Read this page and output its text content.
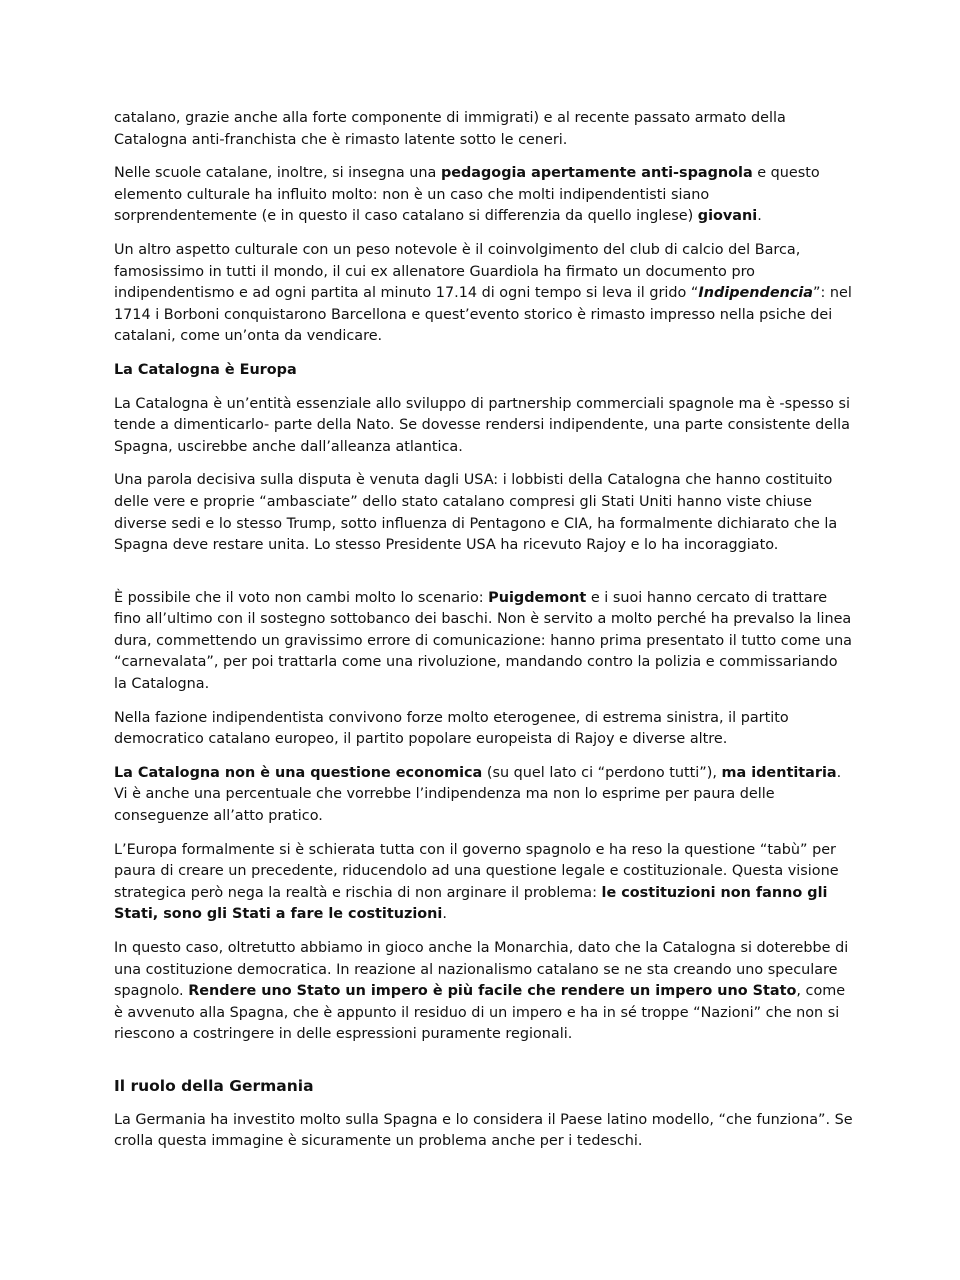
catalano, grazie anche alla forte componente di immigrati) e al recente passato armato della Catalogna anti-franchista che è rimasto latente sotto le ceneri.
Nelle scuole catalane, inoltre, si insegna una pedagogia apertamente anti-spagnola e questo elemento culturale ha influito molto: non è un caso che molti indipendentisti siano sorprendentemente (e in questo il caso catalano si differenzia da quello inglese) giovani.
Un altro aspetto culturale con un peso notevole è il coinvolgimento del club di calcio del Barca, famosissimo in tutti il mondo, il cui ex allenatore Guardiola ha firmato un documento pro indipendentismo e ad ogni partita al minuto 17.14 di ogni tempo si leva il grido “Indipendencia”: nel 1714 i Borboni conquistarono Barcellona e quest’evento storico è rimasto impresso nella psiche dei catalani, come un’onta da vendicare.
La Catalogna è Europa
La Catalogna è un’entità essenziale allo sviluppo di partnership commerciali spagnole ma è -spesso si tende a dimenticarlo- parte della Nato. Se dovesse rendersi indipendente, una parte consistente della Spagna, uscirebbe anche dall’alleanza atlantica.
Una parola decisiva sulla disputa è venuta dagli USA: i lobbisti della Catalogna che hanno costituito delle vere e proprie “ambasciate” dello stato catalano compresi gli Stati Uniti hanno viste chiuse diverse sedi e lo stesso Trump, sotto influenza di Pentagono e CIA, ha formalmente dichiarato che la Spagna deve restare unita. Lo stesso Presidente USA ha ricevuto Rajoy e lo ha incoraggiato.
È possibile che il voto non cambi molto lo scenario: Puigdemont e i suoi hanno cercato di trattare fino all’ultimo con il sostegno sottobanco dei baschi. Non è servito a molto perché ha prevalso la linea dura, commettendo un gravissimo errore di comunicazione: hanno prima presentato il tutto come una “carnevalata”, per poi trattarla come una rivoluzione, mandando contro la polizia e commissariando la Catalogna.
Nella fazione indipendentista convivono forze molto eterogenee, di estrema sinistra, il partito democratico catalano europeo, il partito popolare europeista di Rajoy e diverse altre.
La Catalogna non è una questione economica (su quel lato ci “perdono tutti”), ma identitaria. Vi è anche una percentuale che vorrebbe l’indipendenza ma non lo esprime per paura delle conseguenze all’atto pratico.
L’Europa formalmente si è schierata tutta con il governo spagnolo e ha reso la questione “tabù” per paura di creare un precedente, riducendolo ad una questione legale e costituzionale. Questa visione strategica però nega la realtà e rischia di non arginare il problema: le costituzioni non fanno gli Stati, sono gli Stati a fare le costituzioni.
In questo caso, oltretutto abbiamo in gioco anche la Monarchia, dato che la Catalogna si doterebbe di una costituzione democratica. In reazione al nazionalismo catalano se ne sta creando uno speculare spagnolo. Rendere uno Stato un impero è più facile che rendere un impero uno Stato, come è avvenuto alla Spagna, che è appunto il residuo di un impero e ha in sé troppe “Nazioni” che non si riescono a costringere in delle espressioni puramente regionali.
Il ruolo della Germania
La Germania ha investito molto sulla Spagna e lo considera il Paese latino modello, “che funziona”. Se crolla questa immagine è sicuramente un problema anche per i tedeschi.
